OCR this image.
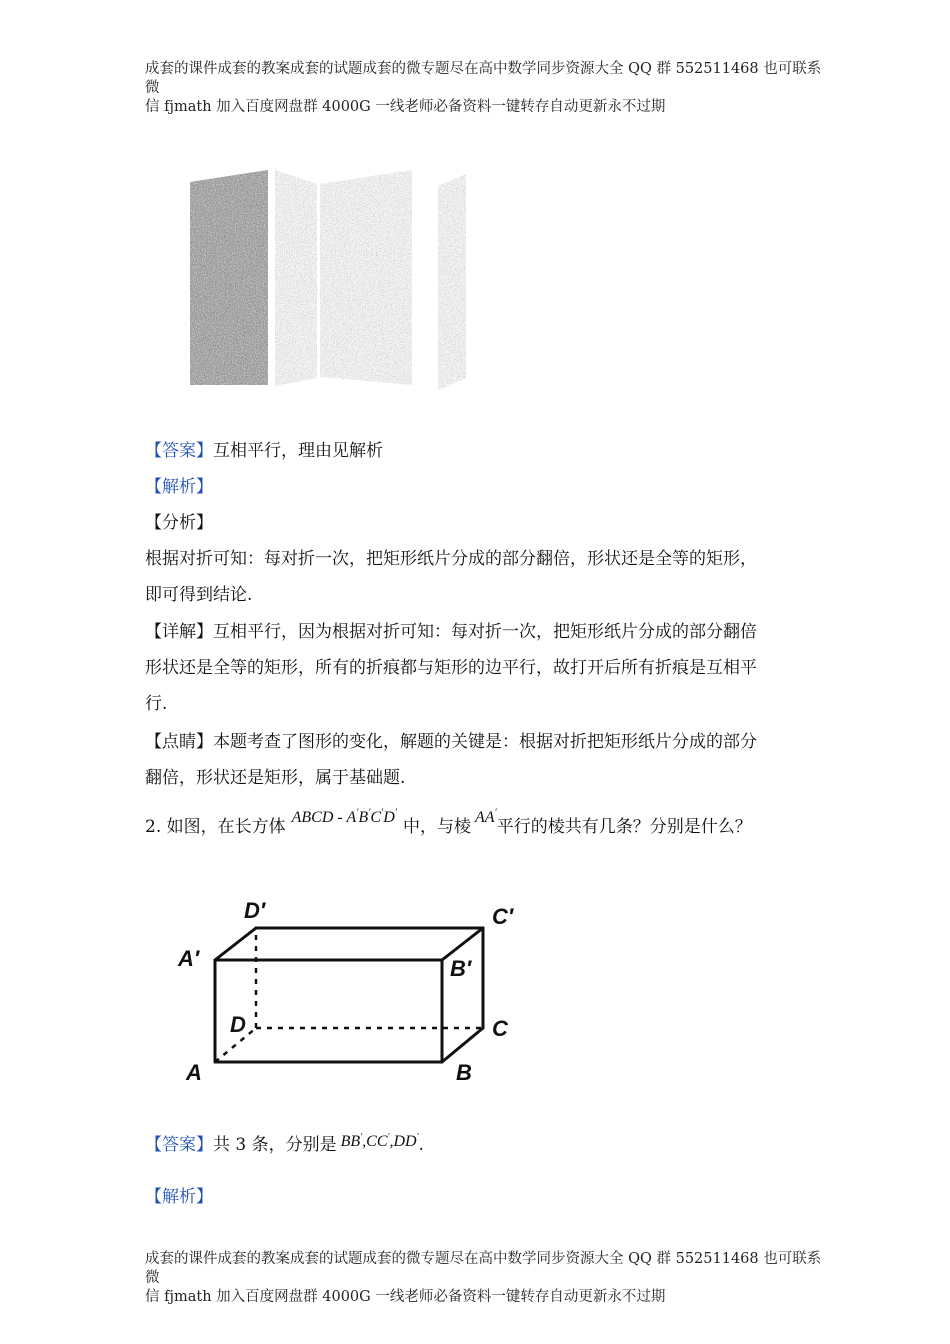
成套的课件成套的教案成套的试题成套的微专题尽在高中数学同步资源大全 QQ 群 552511468 也可联系微
信 fjmath 加入百度网盘群 4000G 一线老师必备资料一键转存自动更新永不过期
【答案】互相平行，理由见解析
【解析】
【分析】
根据对折可知：每对折一次，把矩形纸片分成的部分翻倍，形状还是全等的矩形，
即可得到结论.
【详解】互相平行，因为根据对折可知：每对折一次，把矩形纸片分成的部分翻倍
形状还是全等的矩形，所有的折痕都与矩形的边平行，故打开后所有折痕是互相平
行.
【点睛】本题考查了图形的变化，解题的关键是：根据对折把矩形纸片分成的部分
翻倍，形状还是矩形，属于基础题.
2. 如图，在长方体 ABCD - A′B′C′D′中，与棱 AA′平行的棱共有几条？分别是什么？
A	B
C
D
A′	B′
C′
D′
【答案】共 3 条，分别是 BB′,CC′,DD′.
【解析】
成套的课件成套的教案成套的试题成套的微专题尽在高中数学同步资源大全 QQ 群 552511468 也可联系微
信 fjmath 加入百度网盘群 4000G 一线老师必备资料一键转存自动更新永不过期
